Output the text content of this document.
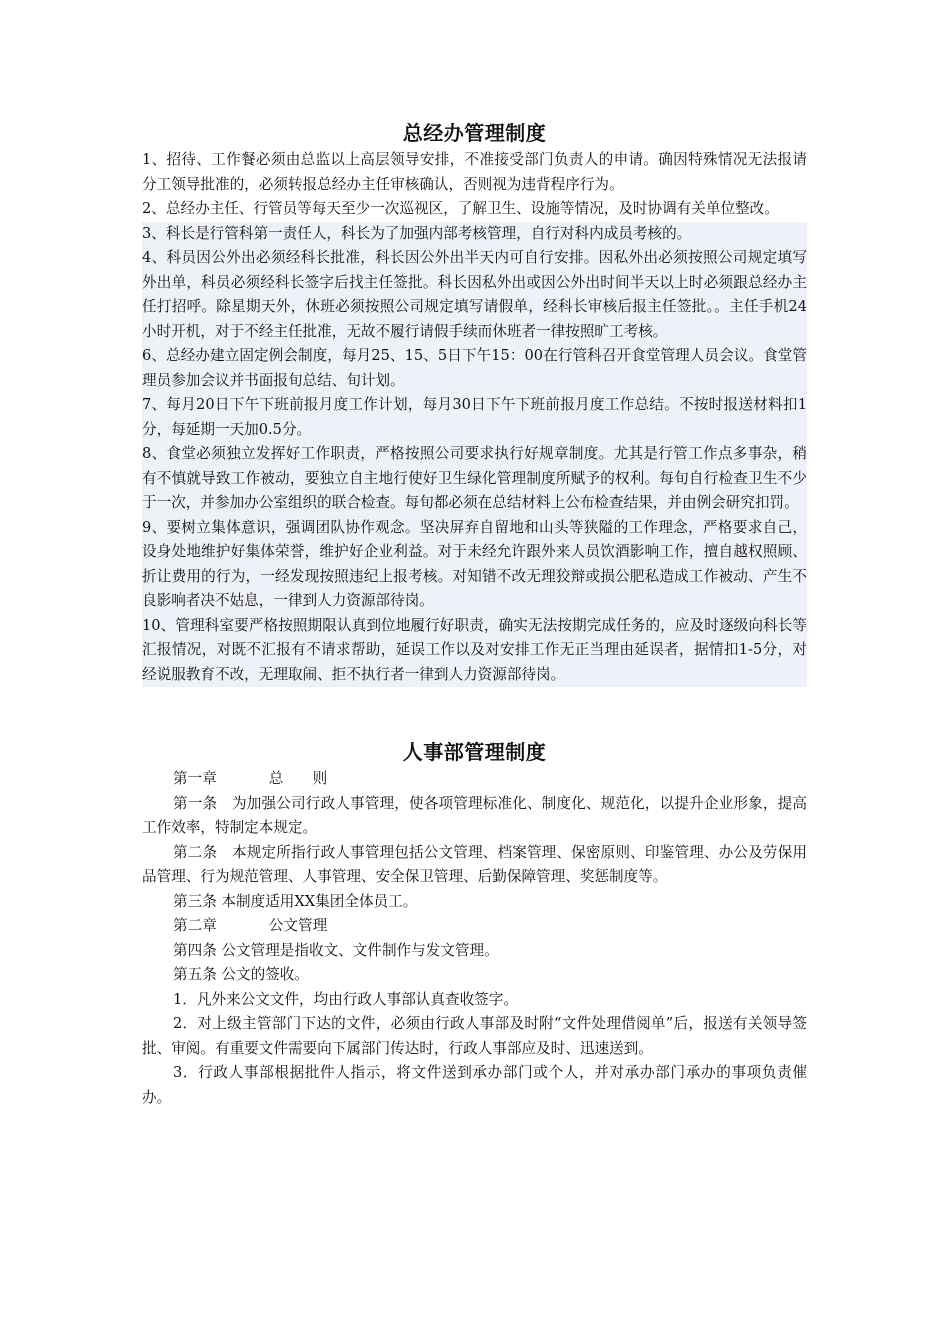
总经办管理制度

1、招待、工作餐必须由总监以上高层领导安排，不准接受部门负责人的申请。确因特殊情况无法报请分工领导批准的，必须转报总经办主任审核确认，否则视为违背程序行为。

2、总经办主任、行管员等每天至少一次巡视区，了解卫生、设施等情况，及时协调有关单位整改。

3、科长是行管科第一责任人，科长为了加强内部考核管理，自行对科内成员考核的。

4、科员因公外出必须经科长批准，科长因公外出半天内可自行安排。因私外出必须按照公司规定填写外出单，科员必须经科长签字后找主任签批。科长因私外出或因公外出时间半天以上时必须跟总经办主任打招呼。除星期天外，休班必须按照公司规定填写请假单，经科长审核后报主任签批。。主任手机24小时开机，对于不经主任批准，无故不履行请假手续而休班者一律按照旷工考核。

6、总经办建立固定例会制度，每月25、15、5日下午15：00在行管科召开食堂管理人员会议。食堂管理员参加会议并书面报旬总结、旬计划。

7、每月20日下午下班前报月度工作计划，每月30日下午下班前报月度工作总结。不按时报送材料扣1分，每延期一天加0.5分。

8、食堂必须独立发挥好工作职责，严格按照公司要求执行好规章制度。尤其是行管工作点多事杂，稍有不慎就导致工作被动，要独立自主地行使好卫生绿化管理制度所赋予的权利。每旬自行检查卫生不少于一次，并参加办公室组织的联合检查。每旬都必须在总结材料上公布检查结果，并由例会研究扣罚。

9、要树立集体意识，强调团队协作观念。坚决屏弃自留地和山头等狭隘的工作理念，严格要求自己，设身处地维护好集体荣誉，维护好企业利益。对于未经允许跟外来人员饮酒影响工作，擅自越权照顾、折让费用的行为，一经发现按照违纪上报考核。对知错不改无理狡辩或损公肥私造成工作被动、产生不良影响者决不姑息，一律到人力资源部待岗。

10、管理科室要严格按照期限认真到位地履行好职责，确实无法按期完成任务的，应及时逐级向科长等汇报情况，对既不汇报有不请求帮助，延误工作以及对安排工作无正当理由延误者，据情扣1-5分，对经说服教育不改，无理取闹、拒不执行者一律到人力资源部待岗。

人事部管理制度

第一章	总　　则

第一条　为加强公司行政人事管理，使各项管理标准化、制度化、规范化，以提升企业形象，提高工作效率，特制定本规定。

第二条　本规定所指行政人事管理包括公文管理、档案管理、保密原则、印鉴管理、办公及劳保用品管理、行为规范管理、人事管理、安全保卫管理、后勤保障管理、奖惩制度等。

第三条 本制度适用XX集团全体员工。

第二章	公文管理

第四条 公文管理是指收文、文件制作与发文管理。

第五条 公文的签收。

1．凡外来公文文件，均由行政人事部认真查收签字。

2．对上级主管部门下达的文件，必须由行政人事部及时附“文件处理借阅单”后，报送有关领导签批、审阅。有重要文件需要向下属部门传达时，行政人事部应及时、迅速送到。

3．行政人事部根据批件人指示，将文件送到承办部门或个人，并对承办部门承办的事项负责催办。
